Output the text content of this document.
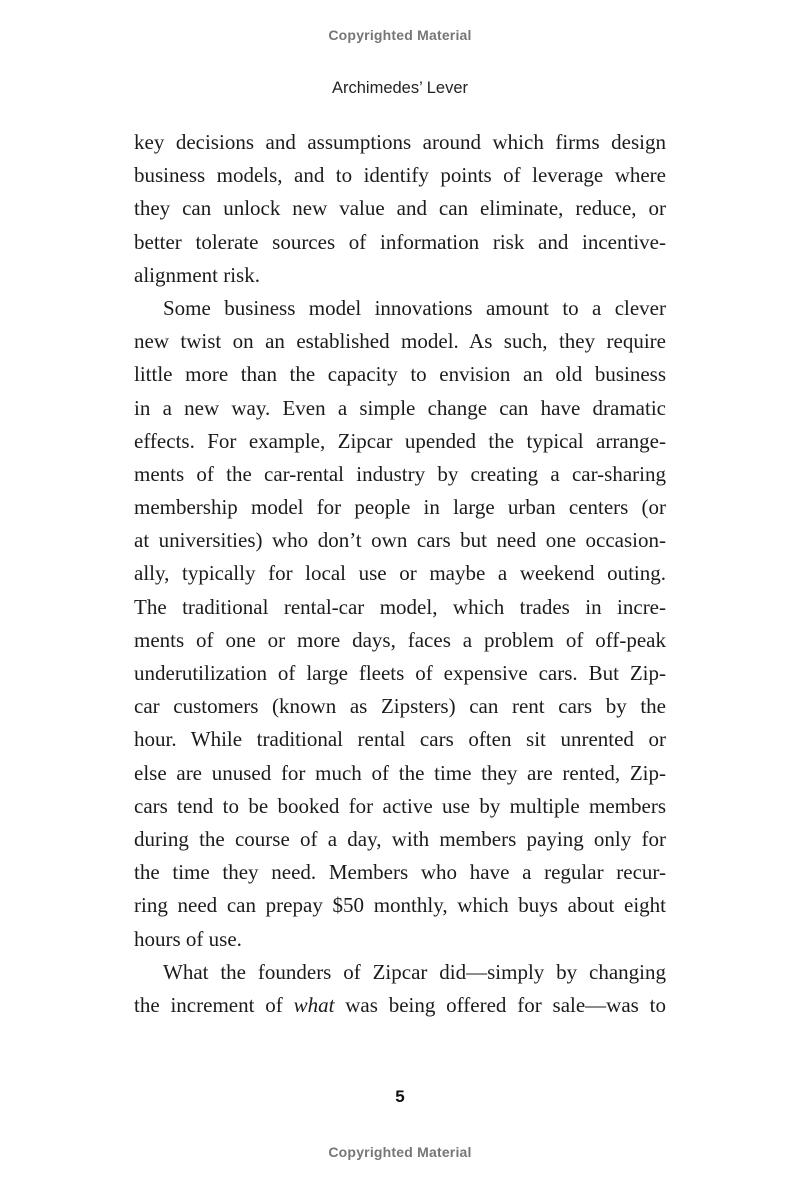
Copyrighted Material
Archimedes’ Lever
key decisions and assumptions around which firms design
business models, and to identify points of leverage where
they can unlock new value and can eliminate, reduce, or
better tolerate sources of information risk and incentive-
alignment risk.
Some business model innovations amount to a clever
new twist on an established model. As such, they require
little more than the capacity to envision an old business
in a new way. Even a simple change can have dramatic
effects. For example, Zipcar upended the typical arrange-
ments of the car-rental industry by creating a car-sharing
membership model for people in large urban centers (or
at universities) who don’t own cars but need one occasion-
ally, typically for local use or maybe a weekend outing.
The traditional rental-car model, which trades in incre-
ments of one or more days, faces a problem of off-peak
underutilization of large fleets of expensive cars. But Zip-
car customers (known as Zipsters) can rent cars by the
hour. While traditional rental cars often sit unrented or
else are unused for much of the time they are rented, Zip-
cars tend to be booked for active use by multiple members
during the course of a day, with members paying only for
the time they need. Members who have a regular recur-
ring need can prepay $50 monthly, which buys about eight
hours of use.
What the founders of Zipcar did—simply by changing
the increment of what was being offered for sale—was to
5
Copyrighted Material
